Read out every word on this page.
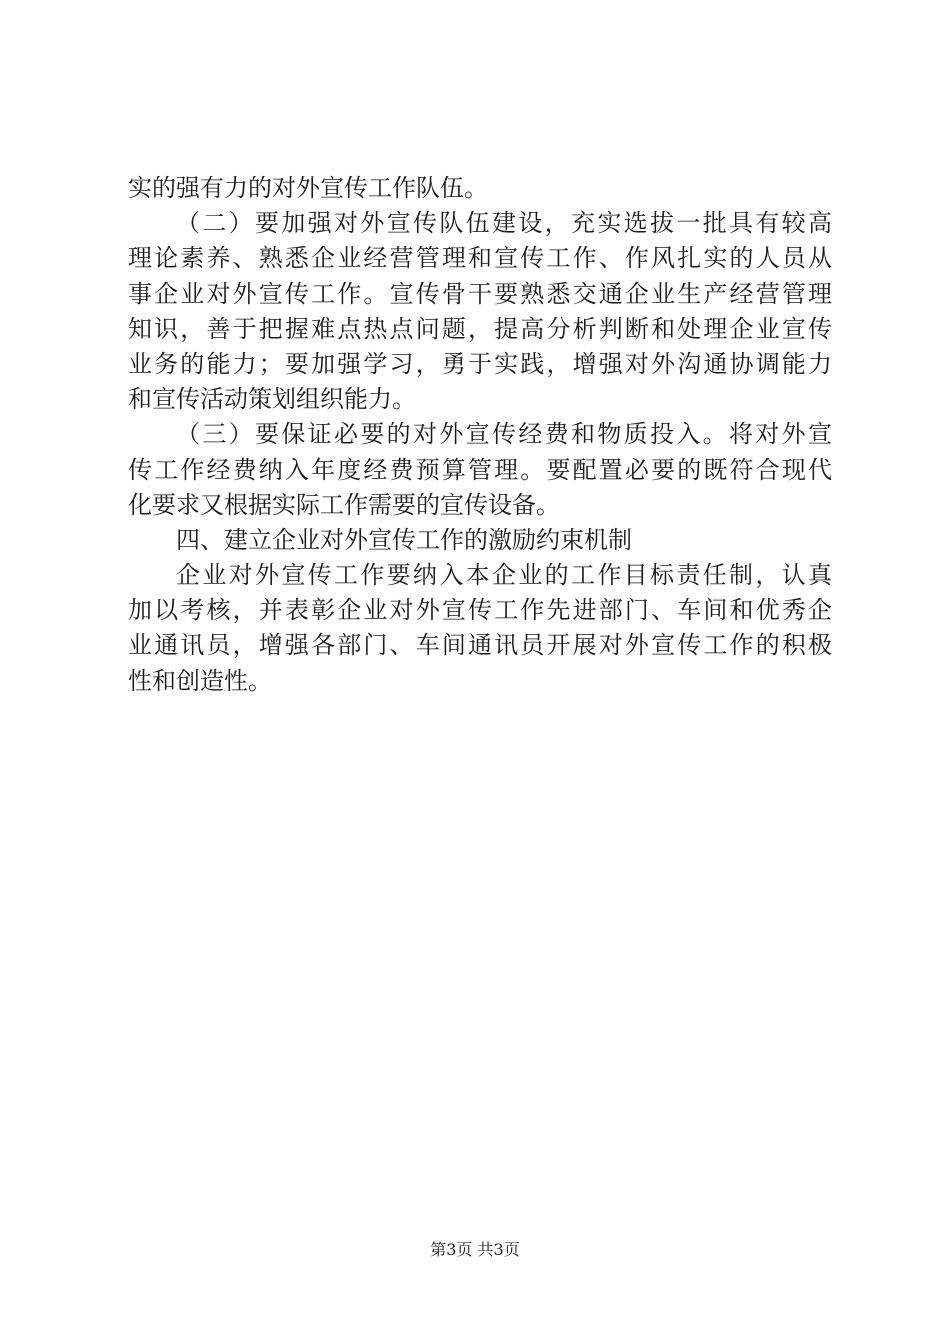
实的强有力的对外宣传工作队伍。
（二）要加强对外宣传队伍建设，充实选拔一批具有较高
理论素养、熟悉企业经营管理和宣传工作、作风扎实的人员从
事企业对外宣传工作。宣传骨干要熟悉交通企业生产经营管理
知识，善于把握难点热点问题，提高分析判断和处理企业宣传
业务的能力；要加强学习，勇于实践，增强对外沟通协调能力
和宣传活动策划组织能力。
（三）要保证必要的对外宣传经费和物质投入。将对外宣
传工作经费纳入年度经费预算管理。要配置必要的既符合现代
化要求又根据实际工作需要的宣传设备。
四、建立企业对外宣传工作的激励约束机制
企业对外宣传工作要纳入本企业的工作目标责任制，认真
加以考核，并表彰企业对外宣传工作先进部门、车间和优秀企
业通讯员，增强各部门、车间通讯员开展对外宣传工作的积极
性和创造性。
第3页 共3页
